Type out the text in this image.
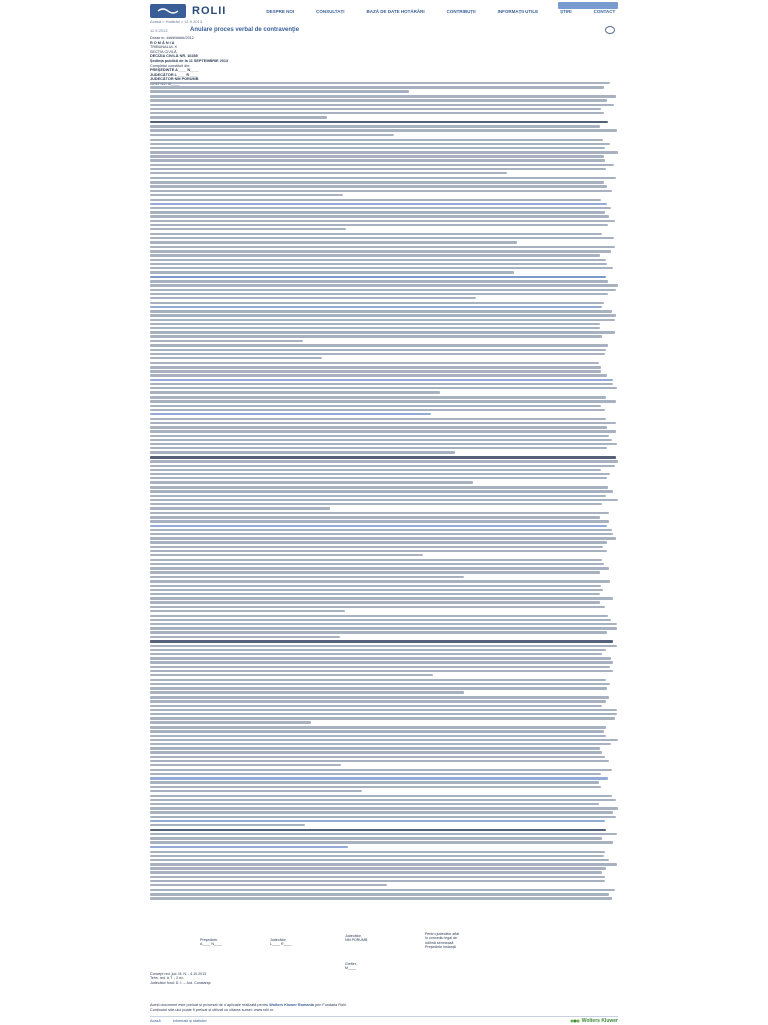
ROLII	DESPRE NOI	CONSULTAȚI	BAZĂ DE DATE HOTĂRÂRI	CONTRIBUȚII	INFORMAȚII UTILE	ȘTIRI	CONTACT
Acasă > Hotărâri > 11.9.2013
11.9.2013	Anulare proces verbal de contravenţie
Dosar nr. ####/####/2012
R O M Â N I A
TRIBUNALUL X
SECŢIA CIVILĂ
DECIZIA CIVILĂ NR. 10285
Şedinţa publică de la 11 SEPTEMBRIE 2013
Completul constituit din:
PREŞEDINTE A____ N____
JUDECĂTOR L____ R____
JUDECĂTOR NM PORUMB
Preşedinte,
A____ N____
Judecător,
L____ R____
Judecător,
NM PORUMB
Pentru judecător aflat
în concediu legal de
odihnă semnează
Preşedinte instanţă
Grefier,
M____
Concept red. jud. M. N. - 4.10.2013
Tehn. red. A.T. - 2 ex.
Judecător fond: D. I. – Jud. Constanţa
Acest document este preluat și procesat de o aplicație realizată pentru Wolters Kluwer Romania prin Fundația Rolii.
Conținutul site-ului poate fi preluat și utilizat cu citarea sursei: www.rolii.ro
Acasă	Informații și statistici	Wolters Kluwer
